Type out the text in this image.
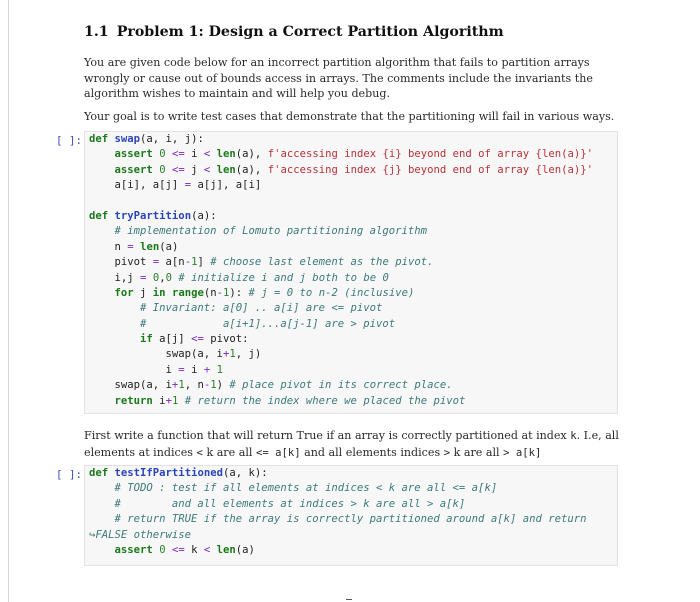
1.1 Problem 1: Design a Correct Partition Algorithm
You are given code below for an incorrect partition algorithm that fails to partition arrays wrongly or cause out of bounds access in arrays. The comments include the invariants the algorithm wishes to maintain and will help you debug.
Your goal is to write test cases that demonstrate that the partitioning will fail in various ways.
[ ]: def swap(a, i, j):
assert 0 <= i < len(a), f'accessing index {i} beyond end of array {len(a)}'
assert 0 <= j < len(a), f'accessing index {j} beyond end of array {len(a)}'
a[i], a[j] = a[j], a[i]
def tryPartition(a):
# implementation of Lomuto partitioning algorithm
n = len(a)
pivot = a[n-1] # choose last element as the pivot.
i,j = 0,0 # initialize i and j both to be 0
for j in range(n-1): # j = 0 to n-2 (inclusive)
# Invariant: a[0] .. a[i] are <= pivot
#            a[i+1]...a[j-1] are > pivot
if a[j] <= pivot:
swap(a, i+1, j)
i = i + 1
swap(a, i+1, n-1) # place pivot in its correct place.
return i+1 # return the index where we placed the pivot
First write a function that will return True if an array is correctly partitioned at index k. I.e, all elements at indices < k are all <= a[k] and all elements indices > k are all > a[k]
[ ]: def testIfPartitioned(a, k):
# TODO : test if all elements at indices < k are all <= a[k]
#        and all elements at indices > k are all > a[k]
# return TRUE if the array is correctly partitioned around a[k] and return
↪FALSE otherwise
assert 0 <= k < len(a)
